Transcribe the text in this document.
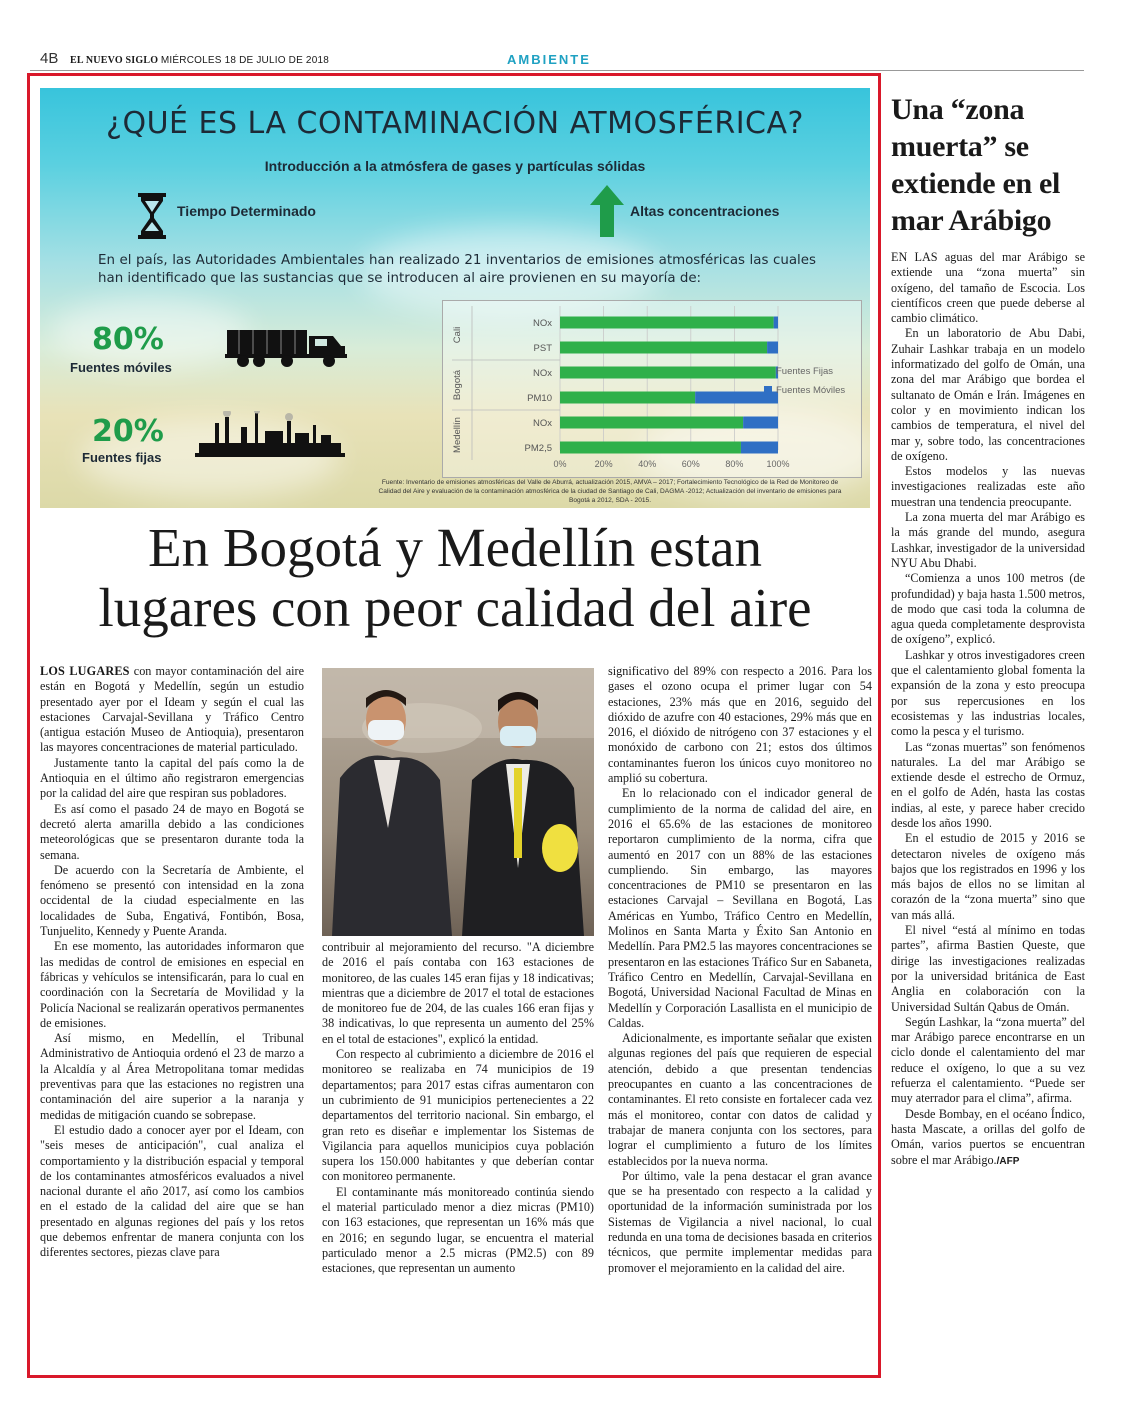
4B EL NUEVO SIGLO MIÉRCOLES 18 DE JULIO DE 2018	AMBIENTE
¿QUÉ ES LA CONTAMINACIÓN ATMOSFÉRICA?
Introducción a la atmósfera de gases y partículas sólidas
Tiempo Determinado	Altas concentraciones
En el país, las Autoridades Ambientales han realizado 21 inventarios de emisiones atmosféricas las cuales han identificado que las sustancias que se introducen al aire provienen en su mayoría de:
80%
Fuentes móviles
20%
Fuentes fijas
NOx
PST
NOx
PM10
NOx
PM2,5
Cali
Bogotá
Medellín
0%	20%	40%	60%	80%	100%
Fuentes Fijas
Fuentes Móviles
Fuente: Inventario de emisiones atmosféricas del Valle de Aburrá, actualización 2015, AMVA – 2017; Fortalecimiento Tecnológico de la Red de Monitoreo de Calidad del Aire y evaluación de la contaminación atmosférica de la ciudad de Santiago de Cali, DAGMA -2012; Actualización del inventario de emisiones para Bogotá a 2012, SDA - 2015.
En Bogotá y Medellín estan
lugares con peor calidad del aire

LOS LUGARES con mayor contaminación del aire están en Bogotá y Medellín, según un estudio presentado ayer por el Ideam y según el cual las estaciones Carvajal-Sevillana y Tráfico Centro (antigua estación Museo de Antioquia), presentaron las mayores concentraciones de material particulado.

Justamente tanto la capital del país como la de Antioquia en el último año registraron emergencias por la calidad del aire que respiran sus pobladores.

Es así como el pasado 24 de mayo en Bogotá se decretó alerta amarilla debido a las condiciones meteorológicas que se presentaron durante toda la semana.

De acuerdo con la Secretaría de Ambiente, el fenómeno se presentó con intensidad en la zona occidental de la ciudad especialmente en las localidades de Suba, Engativá, Fontibón, Bosa, Tunjuelito, Kennedy y Puente Aranda.

En ese momento, las autoridades informaron que las medidas de control de emisiones en especial en fábricas y vehículos se intensificarán, para lo cual en coordinación con la Secretaría de Movilidad y la Policía Nacional se realizarán operativos permanentes de emisiones.

Así mismo, en Medellín, el Tribunal Administrativo de Antioquia ordenó el 23 de marzo a la Alcaldía y al Área Metropolitana tomar medidas preventivas para que las estaciones no registren una contaminación del aire superior a la naranja y medidas de mitigación cuando se sobrepase.

El estudio dado a conocer ayer por el Ideam, con "seis meses de anticipación", cual analiza el comportamiento y la distribución espacial y temporal de los contaminantes atmosféricos evaluados a nivel nacional durante el año 2017, así como los cambios en el estado de la calidad del aire que se han presentado en algunas regiones del país y los retos que debemos enfrentar de manera conjunta con los diferentes sectores, piezas clave para

contribuir al mejoramiento del recurso. "A diciembre de 2016 el país contaba con 163 estaciones de monitoreo, de las cuales 145 eran fijas y 18 indicativas; mientras que a diciembre de 2017 el total de estaciones de monitoreo fue de 204, de las cuales 166 eran fijas y 38 indicativas, lo que representa un aumento del 25% en el total de estaciones", explicó la entidad.

Con respecto al cubrimiento a diciembre de 2016 el monitoreo se realizaba en 74 municipios de 19 departamentos; para 2017 estas cifras aumentaron con un cubrimiento de 91 municipios pertenecientes a 22 departamentos del territorio nacional. Sin embargo, el gran reto es diseñar e implementar los Sistemas de Vigilancia para aquellos municipios cuya población supera los 150.000 habitantes y que deberían contar con monitoreo permanente.

El contaminante más monitoreado continúa siendo el material particulado menor a diez micras (PM10) con 163 estaciones, que representan un 16% más que en 2016; en segundo lugar, se encuentra el material particulado menor a 2.5 micras (PM2.5) con 89 estaciones, que representan un aumento

significativo del 89% con respecto a 2016. Para los gases el ozono ocupa el primer lugar con 54 estaciones, 23% más que en 2016, seguido del dióxido de azufre con 40 estaciones, 29% más que en 2016, el dióxido de nitrógeno con 37 estaciones y el monóxido de carbono con 21; estos dos últimos contaminantes fueron los únicos cuyo monitoreo no amplió su cobertura.

En lo relacionado con el indicador general de cumplimiento de la norma de calidad del aire, en 2016 el 65.6% de las estaciones de monitoreo reportaron cumplimiento de la norma, cifra que aumentó en 2017 con un 88% de las estaciones cumpliendo. Sin embargo, las mayores concentraciones de PM10 se presentaron en las estaciones Carvajal – Sevillana en Bogotá, Las Américas en Yumbo, Tráfico Centro en Medellín, Molinos en Santa Marta y Éxito San Antonio en Medellín. Para PM2.5 las mayores concentraciones se presentaron en las estaciones Tráfico Sur en Sabaneta, Tráfico Centro en Medellín, Carvajal-Sevillana en Bogotá, Universidad Nacional Facultad de Minas en Medellín y Corporación Lasallista en el municipio de Caldas.

Adicionalmente, es importante señalar que existen algunas regiones del país que requieren de especial atención, debido a que presentan tendencias preocupantes en cuanto a las concentraciones de contaminantes. El reto consiste en fortalecer cada vez más el monitoreo, contar con datos de calidad y trabajar de manera conjunta con los sectores, para lograr el cumplimiento a futuro de los límites establecidos por la nueva norma.

Por último, vale la pena destacar el gran avance que se ha presentado con respecto a la calidad y oportunidad de la información suministrada por los Sistemas de Vigilancia a nivel nacional, lo cual redunda en una toma de decisiones basada en criterios técnicos, que permite implementar medidas para promover el mejoramiento en la calidad del aire.

Una “zona muerta” se extiende en el mar Arábigo

EN LAS aguas del mar Arábigo se extiende una “zona muerta” sin oxígeno, del tamaño de Escocia. Los científicos creen que puede deberse al cambio climático.

En un laboratorio de Abu Dabi, Zuhair Lashkar trabaja en un modelo informatizado del golfo de Omán, una zona del mar Arábigo que bordea el sultanato de Omán e Irán. Imágenes en color y en movimiento indican los cambios de temperatura, el nivel del mar y, sobre todo, las concentraciones de oxígeno.

Estos modelos y las nuevas investigaciones realizadas este año muestran una tendencia preocupante.

La zona muerta del mar Arábigo es la más grande del mundo, asegura Lashkar, investigador de la universidad NYU Abu Dhabi.

“Comienza a unos 100 metros (de profundidad) y baja hasta 1.500 metros, de modo que casi toda la columna de agua queda completamente desprovista de oxígeno”, explicó.

Lashkar y otros investigadores creen que el calentamiento global fomenta la expansión de la zona y esto preocupa por sus repercusiones en los ecosistemas y las industrias locales, como la pesca y el turismo.

Las “zonas muertas” son fenómenos naturales. La del mar Arábigo se extiende desde el estrecho de Ormuz, en el golfo de Adén, hasta las costas indias, al este, y parece haber crecido desde los años 1990.

En el estudio de 2015 y 2016 se detectaron niveles de oxígeno más bajos que los registrados en 1996 y los más bajos de ellos no se limitan al corazón de la “zona muerta” sino que van más allá.

El nivel “está al mínimo en todas partes”, afirma Bastien Queste, que dirige las investigaciones realizadas por la universidad británica de East Anglia en colaboración con la Universidad Sultán Qabus de Omán.

Según Lashkar, la “zona muerta” del mar Arábigo parece encontrarse en un ciclo donde el calentamiento del mar reduce el oxígeno, lo que a su vez refuerza el calentamiento. “Puede ser muy aterrador para el clima”, afirma.

Desde Bombay, en el océano Índico, hasta Mascate, a orillas del golfo de Omán, varios puertos se encuentran sobre el mar Arábigo./AFP
